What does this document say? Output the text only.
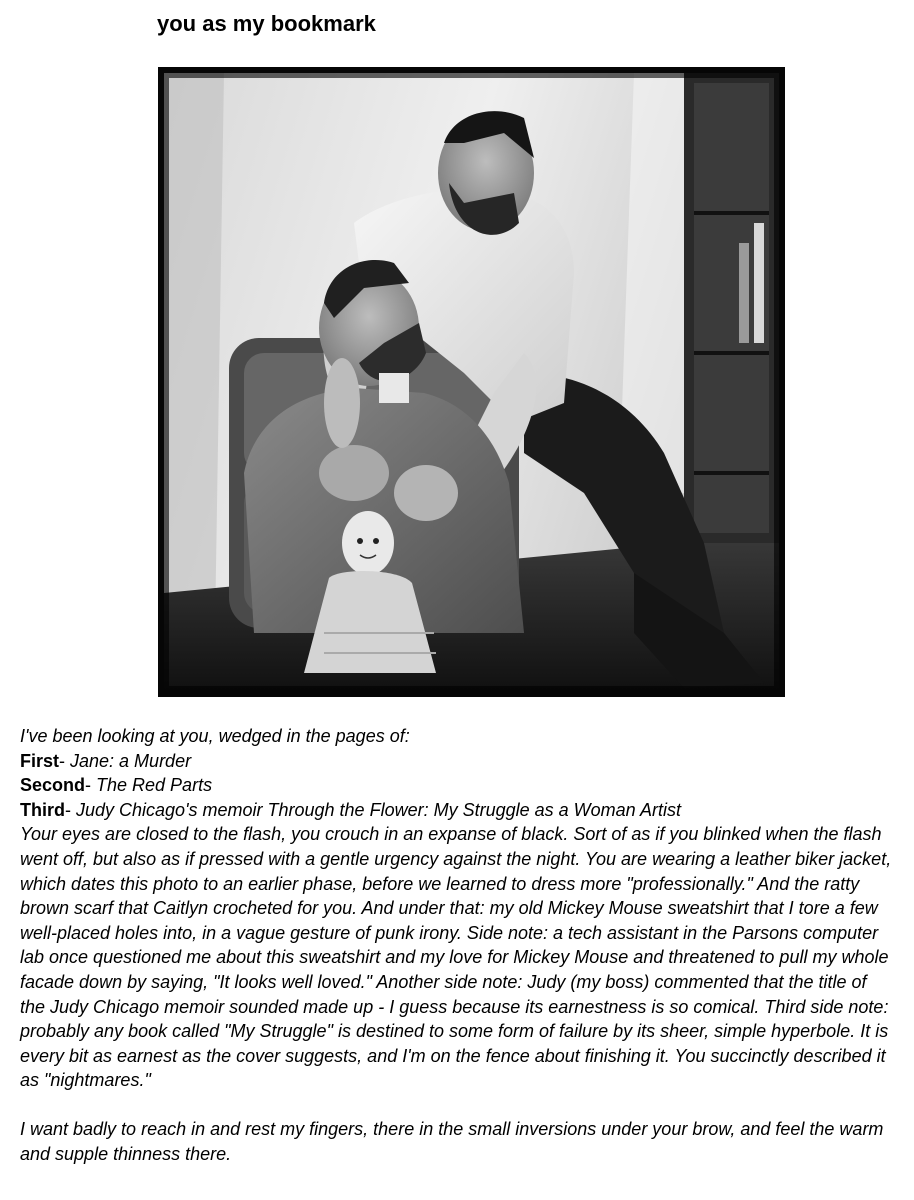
you as my bookmark

I've been looking at you, wedged in the pages of:

First- Jane: a Murder

Second- The Red Parts

Third- Judy Chicago's memoir Through the Flower: My Struggle as a Woman Artist

Your eyes are closed to the flash, you crouch in an expanse of black. Sort of as if you blinked when the flash went off, but also as if pressed with a gentle urgency against the night. You are wearing a leather biker jacket, which dates this photo to an earlier phase, before we learned to dress more "professionally." And the ratty brown scarf that Caitlyn crocheted for you. And under that: my old Mickey Mouse sweatshirt that I tore a few well-placed holes into, in a vague gesture of punk irony. Side note: a tech assistant in the Parsons computer lab once questioned me about this sweatshirt and my love for Mickey Mouse and threatened to pull my whole facade down by saying, "It looks well loved." Another side note: Judy (my boss) commented that the title of the Judy Chicago memoir sounded made up - I guess because its earnestness is so comical. Third side note: probably any book called "My Struggle" is destined to some form of failure by its sheer, simple hyperbole. It is every bit as earnest as the cover suggests, and I'm on the fence about finishing it. You succinctly described it as "nightmares."

I want badly to reach in and rest my fingers, there in the small inversions under your brow, and feel the warm and supple thinness there.
